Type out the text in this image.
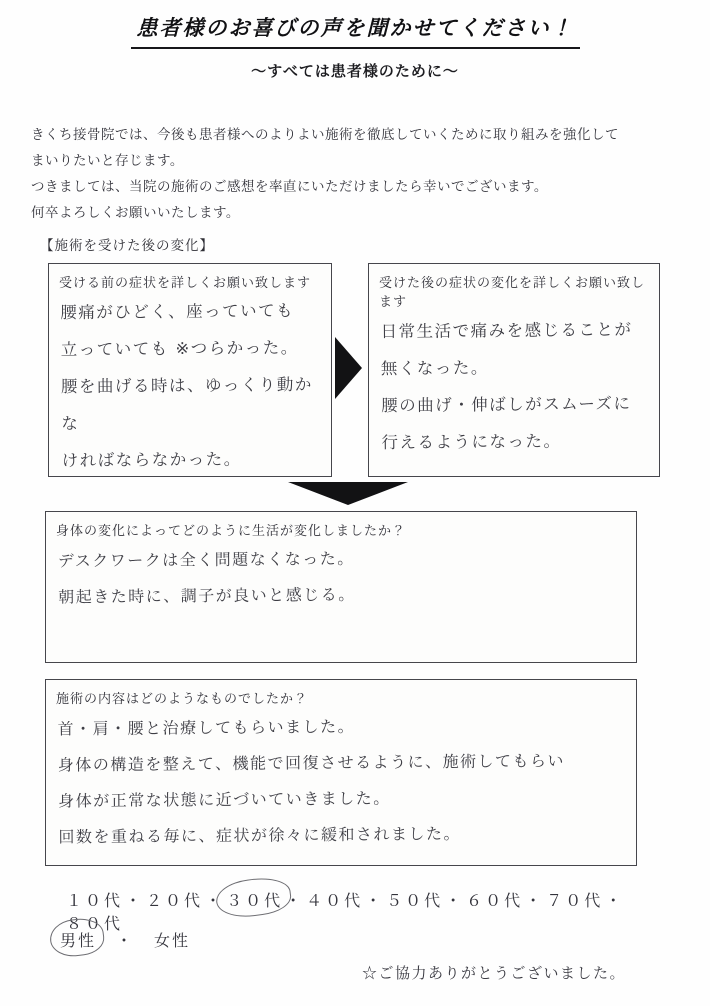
患者様のお喜びの声を聞かせてください！
～すべては患者様のために～
きくち接骨院では、今後も患者様へのよりよい施術を徹底していくために取り組みを強化して
まいりたいと存じます。
つきましては、当院の施術のご感想を率直にいただけましたら幸いでございます。
何卒よろしくお願いいたします。
【施術を受けた後の変化】
受ける前の症状を詳しくお願い致します
腰痛がひどく、座っていても
立っていても ※つらかった。
腰を曲げる時は、ゆっくり動かな
ければならなかった。
受けた後の症状の変化を詳しくお願い致します
日常生活で痛みを感じることが
無くなった。
腰の曲げ・伸ばしがスムーズに
行えるようになった。
身体の変化によってどのように生活が変化しましたか？
デスクワークは全く問題なくなった。
朝起きた時に、調子が良いと感じる。
施術の内容はどのようなものでしたか？
首・肩・腰と治療してもらいました。
身体の構造を整えて、機能で回復させるように、施術してもらい
身体が正常な状態に近づいていきました。
回数を重ねる毎に、症状が徐々に緩和されました。
１０代 ・ ２０代 ・ ３０代 ・ ４０代 ・ ５０代 ・ ６０代 ・ ７０代 ・８０代
男性 ・ 女性
☆ご協力ありがとうございました。
